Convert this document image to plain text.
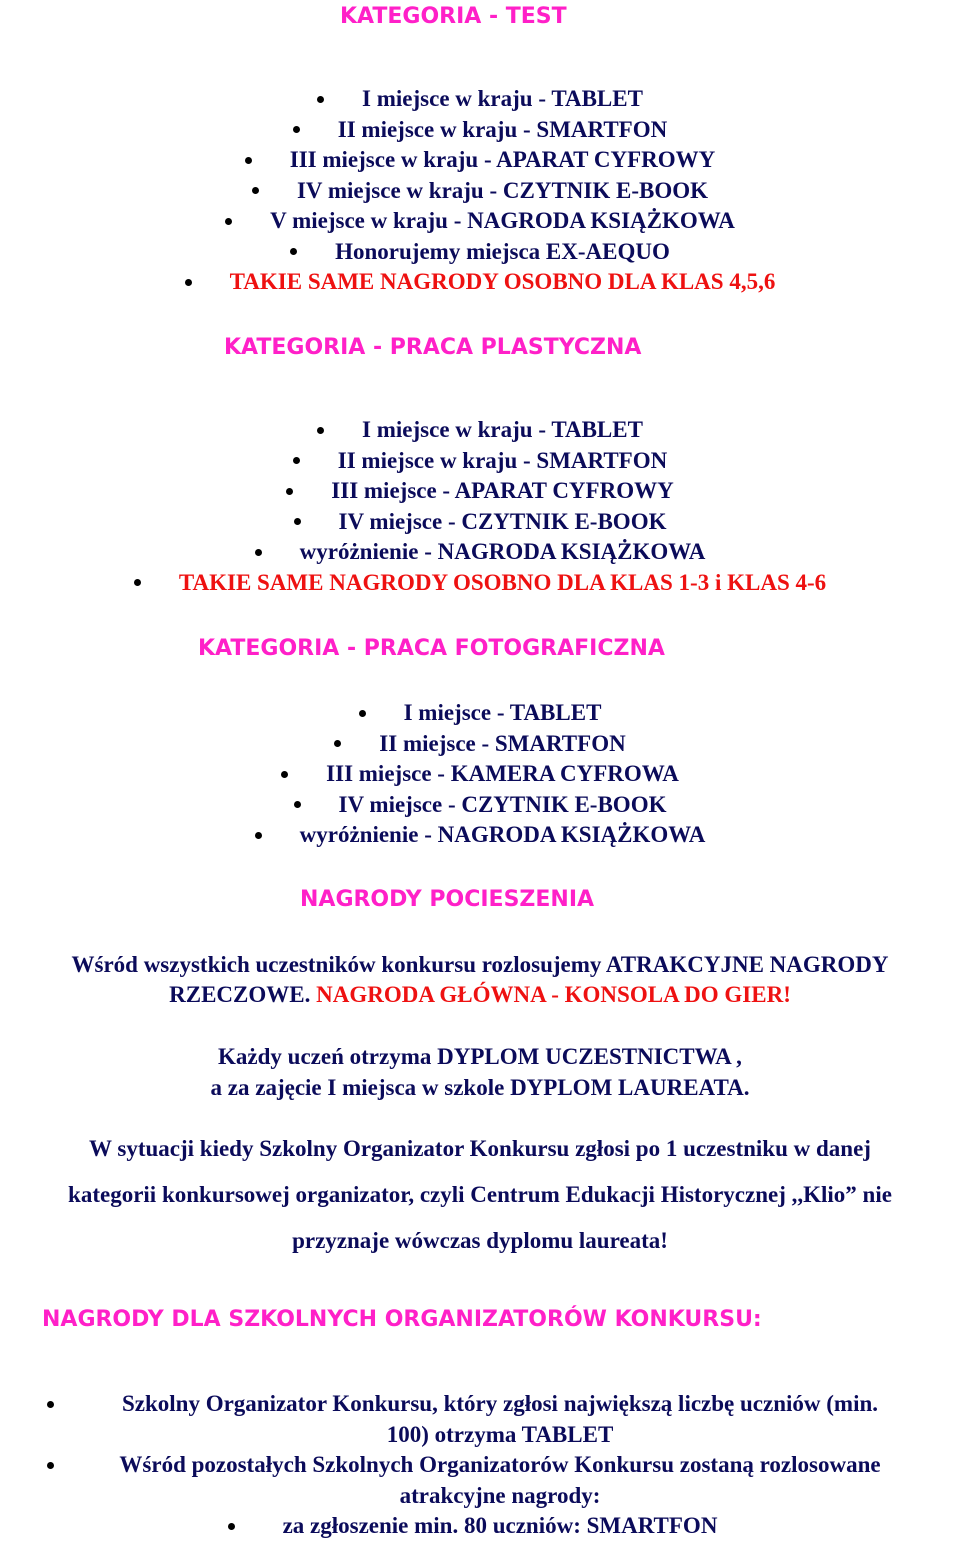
KATEGORIA - TEST
I miejsce w kraju - TABLET
II miejsce w kraju - SMARTFON
III miejsce w kraju - APARAT CYFROWY
IV miejsce w kraju - CZYTNIK E-BOOK
V miejsce w kraju - NAGRODA KSIĄŻKOWA
Honorujemy miejsca EX-AEQUO
TAKIE SAME NAGRODY OSOBNO DLA KLAS 4,5,6
KATEGORIA - PRACA PLASTYCZNA
I miejsce w kraju - TABLET
II miejsce w kraju - SMARTFON
III miejsce - APARAT CYFROWY
IV miejsce - CZYTNIK E-BOOK
wyróżnienie - NAGRODA KSIĄŻKOWA
TAKIE SAME NAGRODY OSOBNO DLA KLAS 1-3 i KLAS 4-6
KATEGORIA - PRACA FOTOGRAFICZNA
I miejsce - TABLET
II miejsce - SMARTFON
III miejsce - KAMERA CYFROWA
IV miejsce - CZYTNIK E-BOOK
wyróżnienie - NAGRODA KSIĄŻKOWA
NAGRODY POCIESZENIA
Wśród wszystkich uczestników konkursu rozlosujemy ATRAKCYJNE NAGRODY
RZECZOWE. NAGRODA GŁÓWNA - KONSOLA DO GIER!
Każdy uczeń otrzyma DYPLOM UCZESTNICTWA ,
a za zajęcie I miejsca w szkole DYPLOM LAUREATA.
W sytuacji kiedy Szkolny Organizator Konkursu zgłosi po 1 uczestniku w danej
kategorii konkursowej organizator, czyli Centrum Edukacji Historycznej ,,Klio” nie
przyznaje wówczas dyplomu laureata!
NAGRODY DLA SZKOLNYCH ORGANIZATORÓW KONKURSU:
Szkolny Organizator Konkursu, który zgłosi największą liczbę uczniów (min.
100) otrzyma TABLET
Wśród pozostałych Szkolnych Organizatorów Konkursu zostaną rozlosowane
atrakcyjne nagrody:
za zgłoszenie min. 80 uczniów: SMARTFON
